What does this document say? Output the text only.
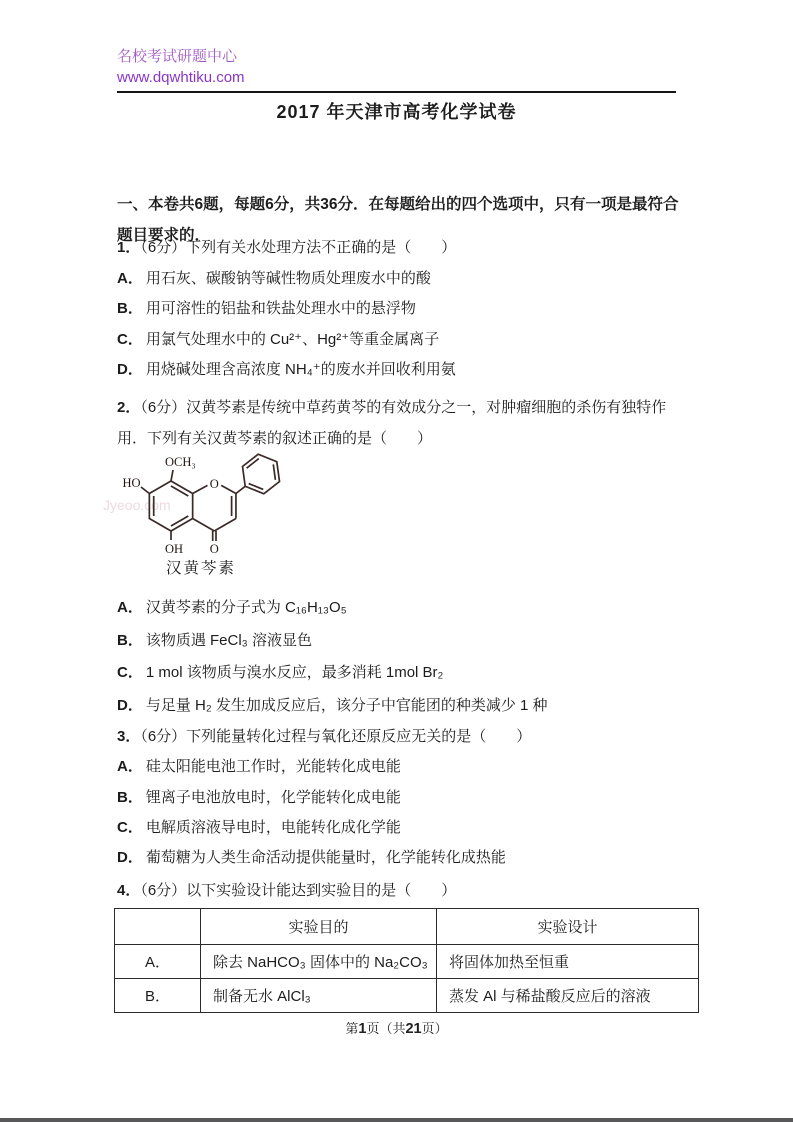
名校考试研题中心
www.dqwhtiku.com
2017 年天津市高考化学试卷

一、本卷共6题，每题6分，共36分．在每题给出的四个选项中，只有一项是最符合题目要求的．

1．（6分）下列有关水处理方法不正确的是（　　）
A． 用石灰、碳酸钠等碱性物质处理废水中的酸
B． 用可溶性的铝盐和铁盐处理水中的悬浮物
C． 用氯气处理水中的 Cu²⁺、Hg²⁺等重金属离子
D． 用烧碱处理含高浓度 NH₄⁺的废水并回收利用氨
2．（6分）汉黄芩素是传统中草药黄芩的有效成分之一，对肿瘤细胞的杀伤有独特作用．下列有关汉黄芩素的叙述正确的是（　　）
Jyeoo.com
OCH₃
HO	O
OH O
汉黄芩素
A． 汉黄芩素的分子式为 C₁₆H₁₃O₅
B． 该物质遇 FeCl₃ 溶液显色
C． 1 mol 该物质与溴水反应，最多消耗 1mol Br₂
D． 与足量 H₂ 发生加成反应后，该分子中官能团的种类减少 1 种
3．（6分）下列能量转化过程与氧化还原反应无关的是（　　）
A． 硅太阳能电池工作时，光能转化成电能
B． 锂离子电池放电时，化学能转化成电能
C． 电解质溶液导电时，电能转化成化学能
D． 葡萄糖为人类生命活动提供能量时，化学能转化成热能
4．（6分）以下实验设计能达到实验目的是（　　）
	实验目的	实验设计
A．	除去 NaHCO₃ 固体中的 Na₂CO₃	将固体加热至恒重
B．	制备无水 AlCl₃	蒸发 Al 与稀盐酸反应后的溶液
第1页（共21页）
